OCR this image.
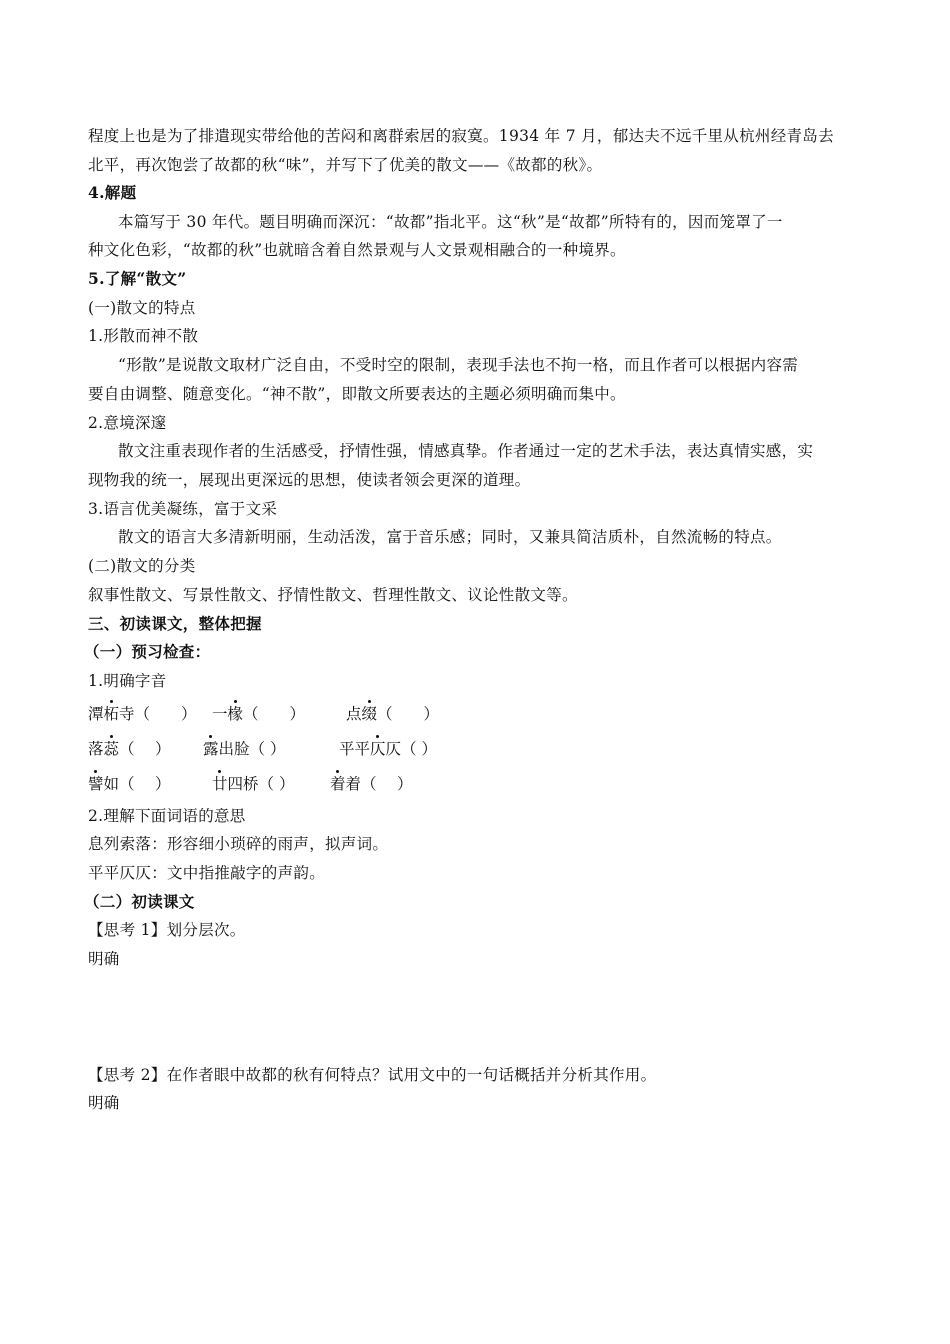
程度上也是为了排遣现实带给他的苦闷和离群索居的寂寞。1934 年 7 月，郁达夫不远千里从杭州经青岛去
北平，再次饱尝了故都的秋“味”，并写下了优美的散文——《故都的秋》。
4.解题
本篇写于 30 年代。题目明确而深沉：“故都”指北平。这“秋”是“故都”所特有的，因而笼罩了一
种文化色彩，“故都的秋”也就暗含着自然景观与人文景观相融合的一种境界。
5.了解“散文”
(一)散文的特点
1.形散而神不散
“形散”是说散文取材广泛自由，不受时空的限制，表现手法也不拘一格，而且作者可以根据内容需
要自由调整、随意变化。“神不散”，即散文所要表达的主题必须明确而集中。
2.意境深邃
散文注重表现作者的生活感受，抒情性强，情感真挚。作者通过一定的艺术手法，表达真情实感，实
现物我的统一，展现出更深远的思想，使读者领会更深的道理。
3.语言优美凝练，富于文采
散文的语言大多清新明丽，生动活泼，富于音乐感；同时，又兼具简洁质朴，自然流畅的特点。
(二)散文的分类
叙事性散文、写景性散文、抒情性散文、哲理性散文、议论性散文等。
三、初读课文，整体把握
（一）预习检查：
1.明确字音
潭柘寺（　　） 一椽（　　）	点缀（　　）
落蕊（　 ） 露出脸（ ）	平平仄仄（ ）
譬如（　 ）	廿四桥（ ） 着着（　 ）
2.理解下面词语的意思
息列索落：形容细小琐碎的雨声，拟声词。
平平仄仄：文中指推敲字的声韵。
（二）初读课文
【思考 1】划分层次。
明确
【思考 2】在作者眼中故都的秋有何特点？试用文中的一句话概括并分析其作用。
明确
